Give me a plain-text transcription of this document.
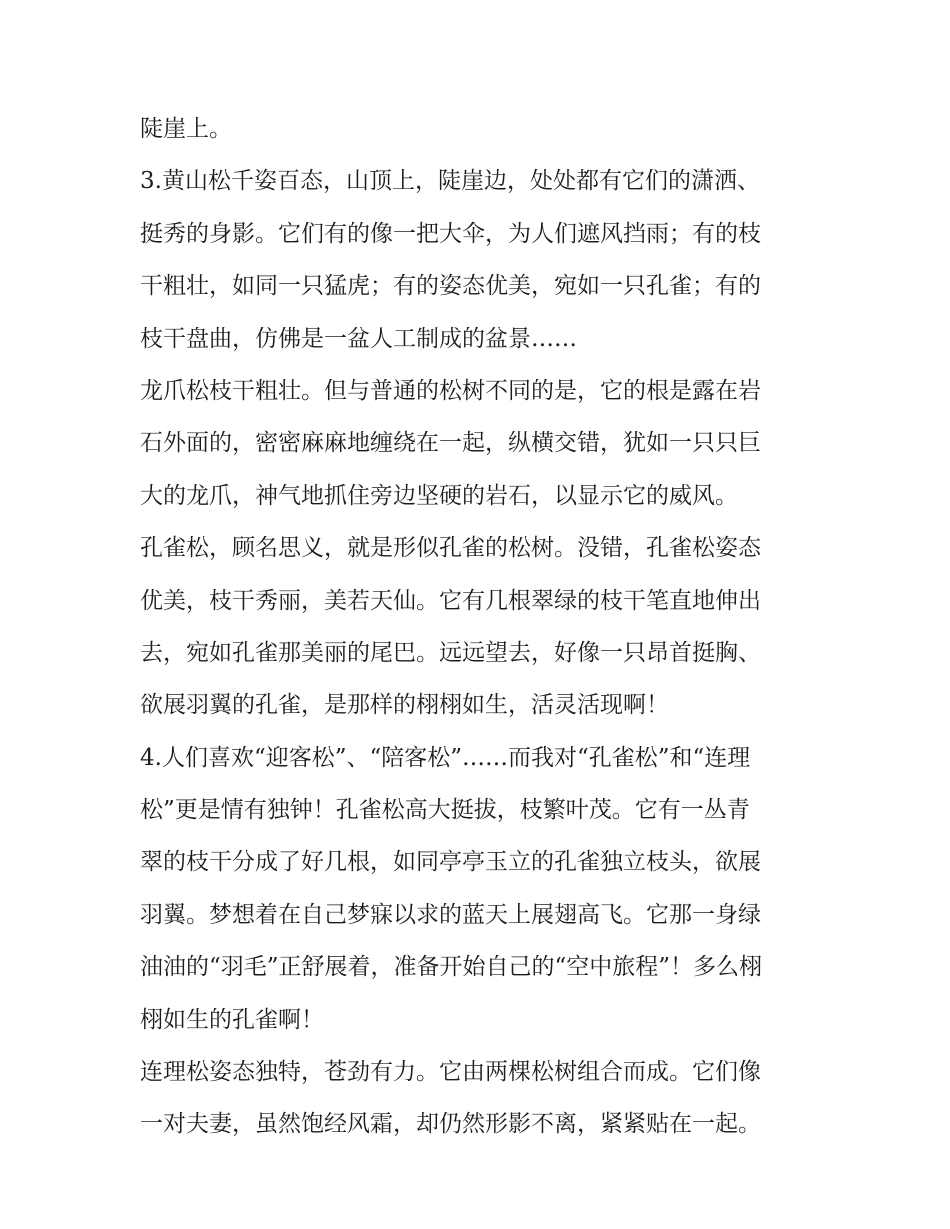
陡崖上。
3.黄山松千姿百态，山顶上，陡崖边，处处都有它们的潇洒、
挺秀的身影。它们有的像一把大伞，为人们遮风挡雨；有的枝
干粗壮，如同一只猛虎；有的姿态优美，宛如一只孔雀；有的
枝干盘曲，仿佛是一盆人工制成的盆景……
龙爪松枝干粗壮。但与普通的松树不同的是，它的根是露在岩
石外面的，密密麻麻地缠绕在一起，纵横交错，犹如一只只巨
大的龙爪，神气地抓住旁边坚硬的岩石，以显示它的威风。
孔雀松，顾名思义，就是形似孔雀的松树。没错，孔雀松姿态
优美，枝干秀丽，美若天仙。它有几根翠绿的枝干笔直地伸出
去，宛如孔雀那美丽的尾巴。远远望去，好像一只昂首挺胸、
欲展羽翼的孔雀，是那样的栩栩如生，活灵活现啊！
4.人们喜欢“迎客松”、“陪客松”……而我对“孔雀松”和“连理
松”更是情有独钟！孔雀松高大挺拔，枝繁叶茂。它有一丛青
翠的枝干分成了好几根，如同亭亭玉立的孔雀独立枝头，欲展
羽翼。梦想着在自己梦寐以求的蓝天上展翅高飞。它那一身绿
油油的“羽毛”正舒展着，准备开始自己的“空中旅程”！多么栩
栩如生的孔雀啊！
连理松姿态独特，苍劲有力。它由两棵松树组合而成。它们像
一对夫妻，虽然饱经风霜，却仍然形影不离，紧紧贴在一起。
